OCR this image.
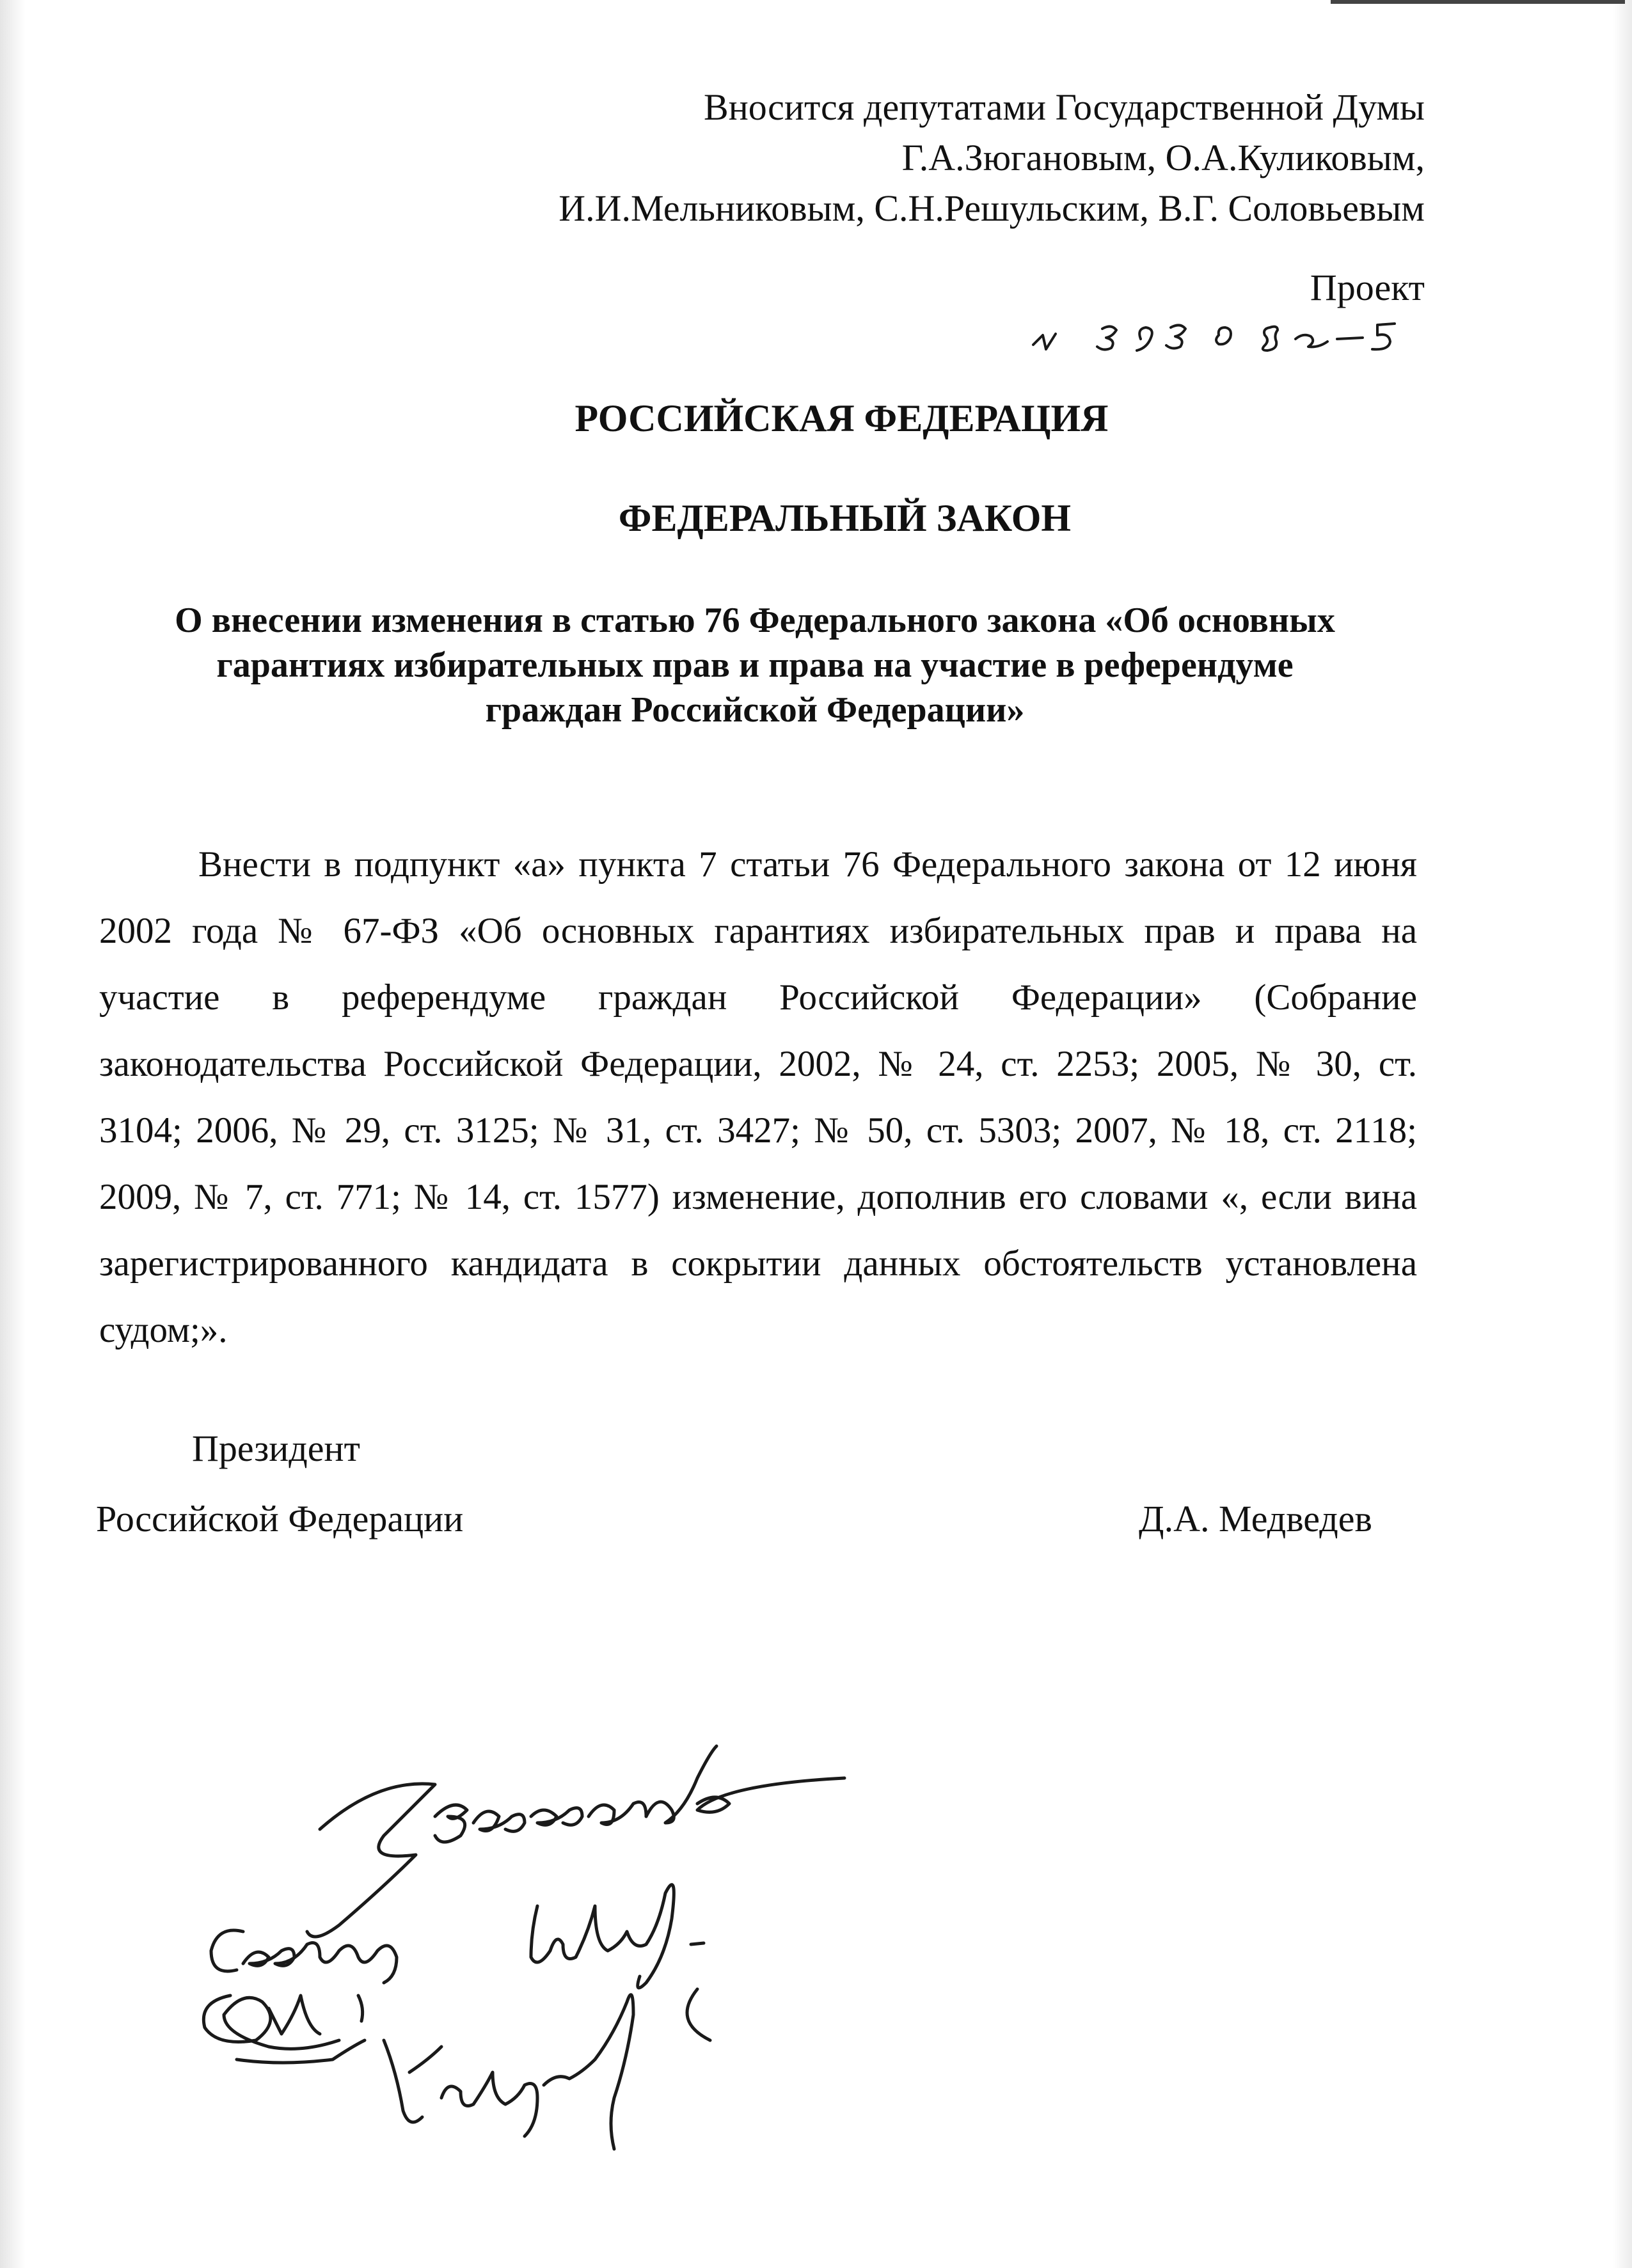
Вносится депутатами Государственной Думы
Г.А.Зюгановым, О.А.Куликовым,
И.И.Мельниковым, С.Н.Решульским, В.Г. Соловьевым
Проект
РОССИЙСКАЯ ФЕДЕРАЦИЯ
ФЕДЕРАЛЬНЫЙ ЗАКОН
О внесении изменения в статью 76 Федерального закона «Об основных
гарантиях избирательных прав и права на участие в референдуме
граждан Российской Федерации»
Внести в подпункт «а» пункта 7 статьи 76 Федерального закона от 12 июня
2002 года № 67-ФЗ «Об основных гарантиях избирательных прав и права на
участие в референдуме граждан Российской Федерации» (Собрание
законодательства Российской Федерации, 2002, № 24, ст. 2253; 2005, № 30, ст.
3104; 2006, № 29, ст. 3125; № 31, ст. 3427; № 50, ст. 5303; 2007, № 18, ст. 2118;
2009, № 7, ст. 771; № 14, ст. 1577) изменение, дополнив его словами «, если вина
зарегистрированного кандидата в сокрытии данных обстоятельств установлена
судом;».
Президент
Российской Федерации	Д.А. Медведев
